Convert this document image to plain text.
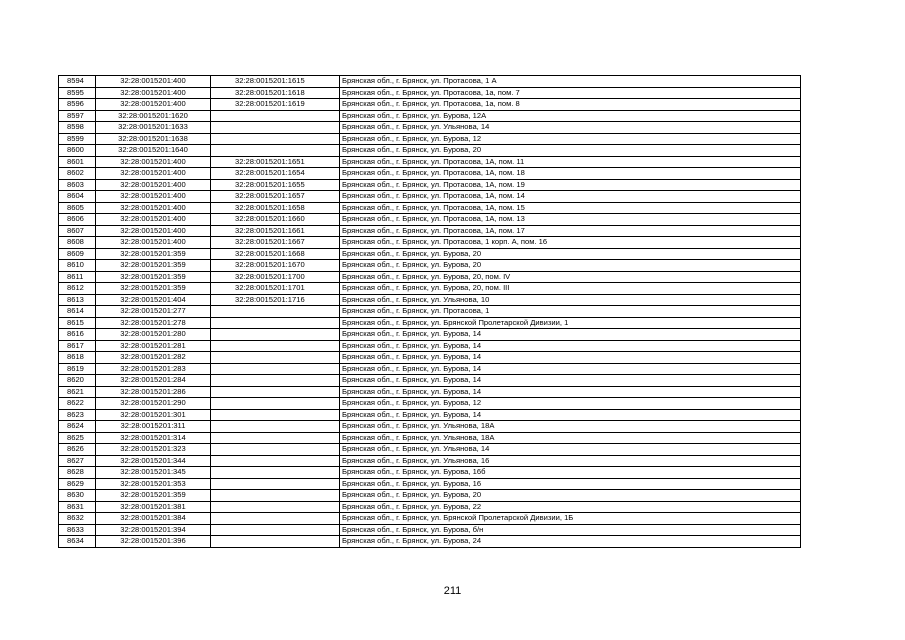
8594	32:28:0015201:400	32:28:0015201:1615	Брянская обл., г. Брянск, ул. Протасова, 1 А
8595	32:28:0015201:400	32:28:0015201:1618	Брянская обл., г. Брянск, ул. Протасова, 1а, пом. 7
8596	32:28:0015201:400	32:28:0015201:1619	Брянская обл., г. Брянск, ул. Протасова, 1а, пом. 8
8597	32:28:0015201:1620		Брянская обл., г. Брянск, ул. Бурова, 12А
8598	32:28:0015201:1633		Брянская обл., г. Брянск, ул. Ульянова, 14
8599	32:28:0015201:1638		Брянская обл., г. Брянск, ул. Бурова, 12
8600	32:28:0015201:1640		Брянская обл., г. Брянск, ул. Бурова, 20
8601	32:28:0015201:400	32:28:0015201:1651	Брянская обл., г. Брянск, ул. Протасова, 1А, пом. 11
8602	32:28:0015201:400	32:28:0015201:1654	Брянская обл., г. Брянск, ул. Протасова, 1А, пом. 18
8603	32:28:0015201:400	32:28:0015201:1655	Брянская обл., г. Брянск, ул. Протасова, 1А, пом. 19
8604	32:28:0015201:400	32:28:0015201:1657	Брянская обл., г. Брянск, ул. Протасова, 1А, пом. 14
8605	32:28:0015201:400	32:28:0015201:1658	Брянская обл., г. Брянск, ул. Протасова, 1А, пом. 15
8606	32:28:0015201:400	32:28:0015201:1660	Брянская обл., г. Брянск, ул. Протасова, 1А, пом. 13
8607	32:28:0015201:400	32:28:0015201:1661	Брянская обл., г. Брянск, ул. Протасова, 1А, пом. 17
8608	32:28:0015201:400	32:28:0015201:1667	Брянская обл., г. Брянск, ул. Протасова, 1 корп. А, пом. 16
8609	32:28:0015201:359	32:28:0015201:1668	Брянская обл., г. Брянск, ул. Бурова, 20
8610	32:28:0015201:359	32:28:0015201:1670	Брянская обл., г. Брянск, ул. Бурова, 20
8611	32:28:0015201:359	32:28:0015201:1700	Брянская обл., г. Брянск, ул. Бурова, 20, пом. IV
8612	32:28:0015201:359	32:28:0015201:1701	Брянская обл., г. Брянск, ул. Бурова, 20, пом. III
8613	32:28:0015201:404	32:28:0015201:1716	Брянская обл., г. Брянск, ул. Ульянова, 10
8614	32:28:0015201:277		Брянская обл., г. Брянск, ул. Протасова, 1
8615	32:28:0015201:278		Брянская обл., г. Брянск, ул. Брянской Пролетарской Дивизии, 1
8616	32:28:0015201:280		Брянская обл., г. Брянск, ул. Бурова, 14
8617	32:28:0015201:281		Брянская обл., г. Брянск, ул. Бурова, 14
8618	32:28:0015201:282		Брянская обл., г. Брянск, ул. Бурова, 14
8619	32:28:0015201:283		Брянская обл., г. Брянск, ул. Бурова, 14
8620	32:28:0015201:284		Брянская обл., г. Брянск, ул. Бурова, 14
8621	32:28:0015201:286		Брянская обл., г. Брянск, ул. Бурова, 14
8622	32:28:0015201:290		Брянская обл., г. Брянск, ул. Бурова, 12
8623	32:28:0015201:301		Брянская обл., г. Брянск, ул. Бурова, 14
8624	32:28:0015201:311		Брянская обл., г. Брянск, ул. Ульянова, 18А
8625	32:28:0015201:314		Брянская обл., г. Брянск, ул. Ульянова, 18А
8626	32:28:0015201:323		Брянская обл., г. Брянск, ул. Ульянова, 14
8627	32:28:0015201:344		Брянская обл., г. Брянск, ул. Ульянова, 16
8628	32:28:0015201:345		Брянская обл., г. Брянск, ул. Бурова, 16б
8629	32:28:0015201:353		Брянская обл., г. Брянск, ул. Бурова, 16
8630	32:28:0015201:359		Брянская обл., г. Брянск, ул. Бурова, 20
8631	32:28:0015201:381		Брянская обл., г. Брянск, ул. Бурова, 22
8632	32:28:0015201:384		Брянская обл., г. Брянск, ул. Брянской Пролетарской Дивизии, 1Б
8633	32:28:0015201:394		Брянская обл., г. Брянск, ул. Бурова, б/н
8634	32:28:0015201:396		Брянская обл., г. Брянск, ул. Бурова, 24
211
